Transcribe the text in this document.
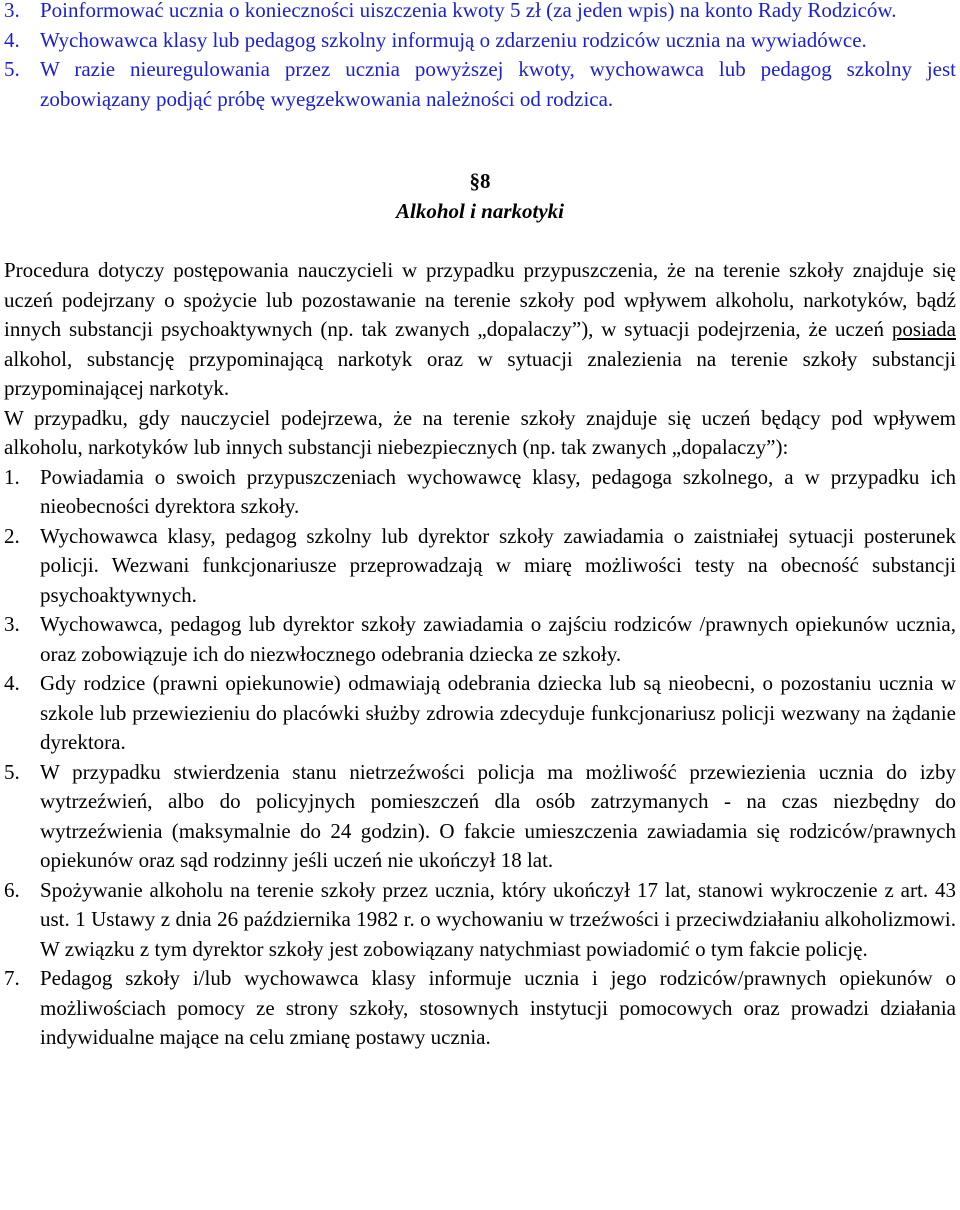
3. Poinformować ucznia o konieczności uiszczenia kwoty 5 zł (za jeden wpis) na konto Rady Rodziców.
4. Wychowawca klasy lub pedagog szkolny informują o zdarzeniu rodziców ucznia na wywiadówce.
5. W razie nieuregulowania przez ucznia powyższej kwoty, wychowawca lub pedagog szkolny jest zobowiązany podjąć próbę wyegzekwowania należności od rodzica.
§8
Alkohol i narkotyki

Procedura dotyczy postępowania nauczycieli w przypadku przypuszczenia, że na terenie szkoły znajduje się uczeń podejrzany o spożycie lub pozostawanie na terenie szkoły pod wpływem alkoholu, narkotyków, bądź innych substancji psychoaktywnych (np. tak zwanych „dopalaczy”), w sytuacji podejrzenia, że uczeń posiada alkohol, substancję przypominającą narkotyk oraz w sytuacji znalezienia na terenie szkoły substancji przypominającej narkotyk.

W przypadku, gdy nauczyciel podejrzewa, że na terenie szkoły znajduje się uczeń będący pod wpływem alkoholu, narkotyków lub innych substancji niebezpiecznych (np. tak zwanych „dopalaczy”):

1. Powiadamia o swoich przypuszczeniach wychowawcę klasy, pedagoga szkolnego, a w przypadku ich nieobecności dyrektora szkoły.
2. Wychowawca klasy, pedagog szkolny lub dyrektor szkoły zawiadamia o zaistniałej sytuacji posterunek policji. Wezwani funkcjonariusze przeprowadzają w miarę możliwości testy na obecność substancji psychoaktywnych.
3. Wychowawca, pedagog lub dyrektor szkoły zawiadamia o zajściu rodziców /prawnych opiekunów ucznia, oraz zobowiązuje ich do niezwłocznego odebrania dziecka ze szkoły.
4. Gdy rodzice (prawni opiekunowie) odmawiają odebrania dziecka lub są nieobecni, o pozostaniu ucznia w szkole lub przewiezieniu do placówki służby zdrowia zdecyduje funkcjonariusz policji wezwany na żądanie dyrektora.
5. W przypadku stwierdzenia stanu nietrzeźwości policja ma możliwość przewiezienia ucznia do izby wytrzeźwień, albo do policyjnych pomieszczeń dla osób zatrzymanych - na czas niezbędny do wytrzeźwienia (maksymalnie do 24 godzin). O fakcie umieszczenia zawiadamia się rodziców/prawnych opiekunów oraz sąd rodzinny jeśli uczeń nie ukończył 18 lat.
6. Spożywanie alkoholu na terenie szkoły przez ucznia, który ukończył 17 lat, stanowi wykroczenie z art. 43 ust. 1 Ustawy z dnia 26 października 1982 r. o wychowaniu w trzeźwości i przeciwdziałaniu alkoholizmowi. W związku z tym dyrektor szkoły jest zobowiązany natychmiast powiadomić o tym fakcie policję.
7. Pedagog szkoły i/lub wychowawca klasy informuje ucznia i jego rodziców/prawnych opiekunów o możliwościach pomocy ze strony szkoły, stosownych instytucji pomocowych oraz prowadzi działania indywidualne mające na celu zmianę postawy ucznia.
